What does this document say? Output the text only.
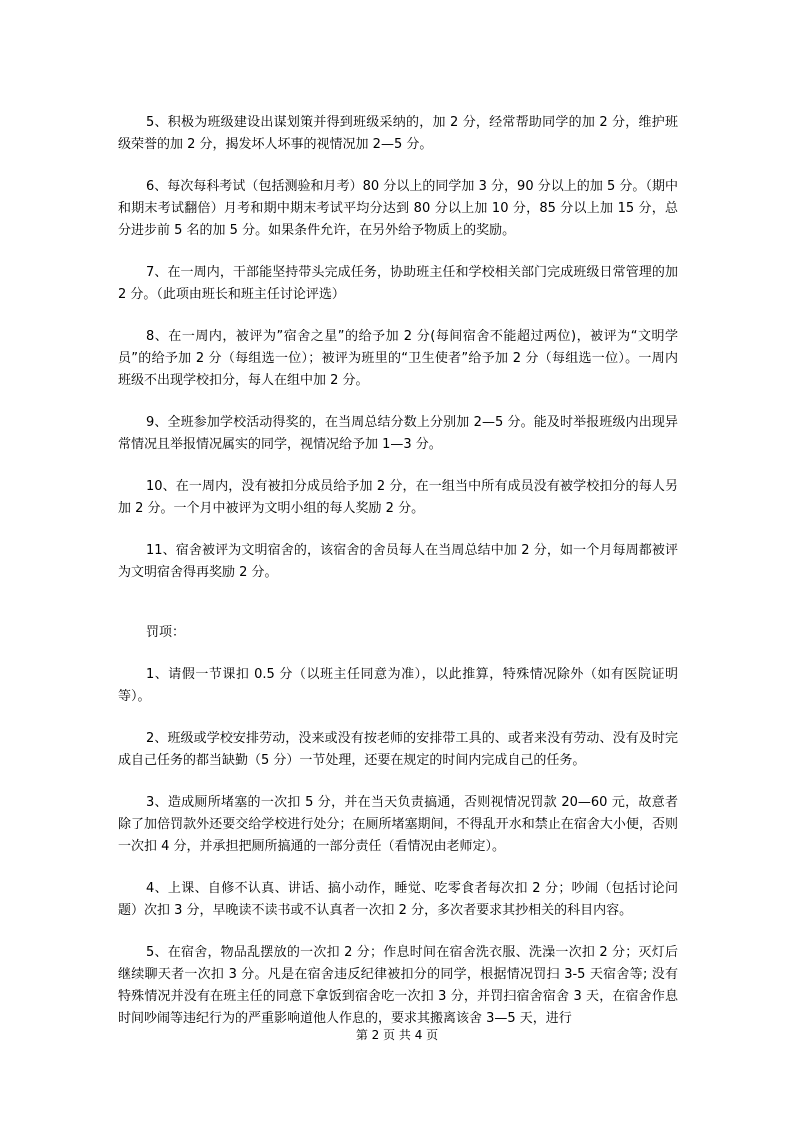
5、积极为班级建设出谋划策并得到班级采纳的，加 2 分，经常帮助同学的加 2 分，维护班级荣誉的加 2 分，揭发坏人坏事的视情况加 2—5 分。

6、每次每科考试（包括测验和月考）80 分以上的同学加 3 分，90 分以上的加 5 分。（期中和期末考试翻倍）月考和期中期末考试平均分达到 80 分以上加 10 分，85 分以上加 15 分，总分进步前 5 名的加 5 分。如果条件允许，在另外给予物质上的奖励。

7、在一周内，干部能坚持带头完成任务，协助班主任和学校相关部门完成班级日常管理的加 2 分。（此项由班长和班主任讨论评选）

8、在一周内，被评为”宿舍之星”的给予加 2 分(每间宿舍不能超过两位)，被评为“文明学员”的给予加 2 分（每组选一位）；被评为班里的“卫生使者”给予加 2 分（每组选一位）。一周内班级不出现学校扣分，每人在组中加 2 分。

9、全班参加学校活动得奖的，在当周总结分数上分别加 2—5 分。能及时举报班级内出现异常情况且举报情况属实的同学，视情况给予加 1—3 分。

10、在一周内，没有被扣分成员给予加 2 分，在一组当中所有成员没有被学校扣分的每人另加 2 分。一个月中被评为文明小组的每人奖励 2 分。

11、宿舍被评为文明宿舍的，该宿舍的舍员每人在当周总结中加 2 分，如一个月每周都被评为文明宿舍得再奖励 2 分。

罚项：

1、请假一节课扣 0.5 分（以班主任同意为准），以此推算，特殊情况除外（如有医院证明等）。

2、班级或学校安排劳动，没来或没有按老师的安排带工具的、或者来没有劳动、没有及时完成自己任务的都当缺勤（5 分）一节处理，还要在规定的时间内完成自己的任务。

3、造成厕所堵塞的一次扣 5 分，并在当天负责搞通，否则视情况罚款 20—60 元，故意者除了加倍罚款外还要交给学校进行处分；在厕所堵塞期间，不得乱开水和禁止在宿舍大小便，否则一次扣 4 分，并承担把厕所搞通的一部分责任（看情况由老师定）。

4、上课、自修不认真、讲话、搞小动作，睡觉、吃零食者每次扣 2 分；吵闹（包括讨论问题）次扣 3 分，早晚读不读书或不认真者一次扣 2 分，多次者要求其抄相关的科目内容。

5、在宿舍，物品乱摆放的一次扣 2 分；作息时间在宿舍洗衣服、洗澡一次扣 2 分；灭灯后继续聊天者一次扣 3 分。凡是在宿舍违反纪律被扣分的同学，根据情况罚扫 3-5 天宿舍等; 没有特殊情况并没有在班主任的同意下拿饭到宿舍吃一次扣 3 分，并罚扫宿舍宿舍 3 天，在宿舍作息时间吵闹等违纪行为的严重影响道他人作息的，要求其搬离该舍 3—5 天，进行

第 2 页 共 4 页
